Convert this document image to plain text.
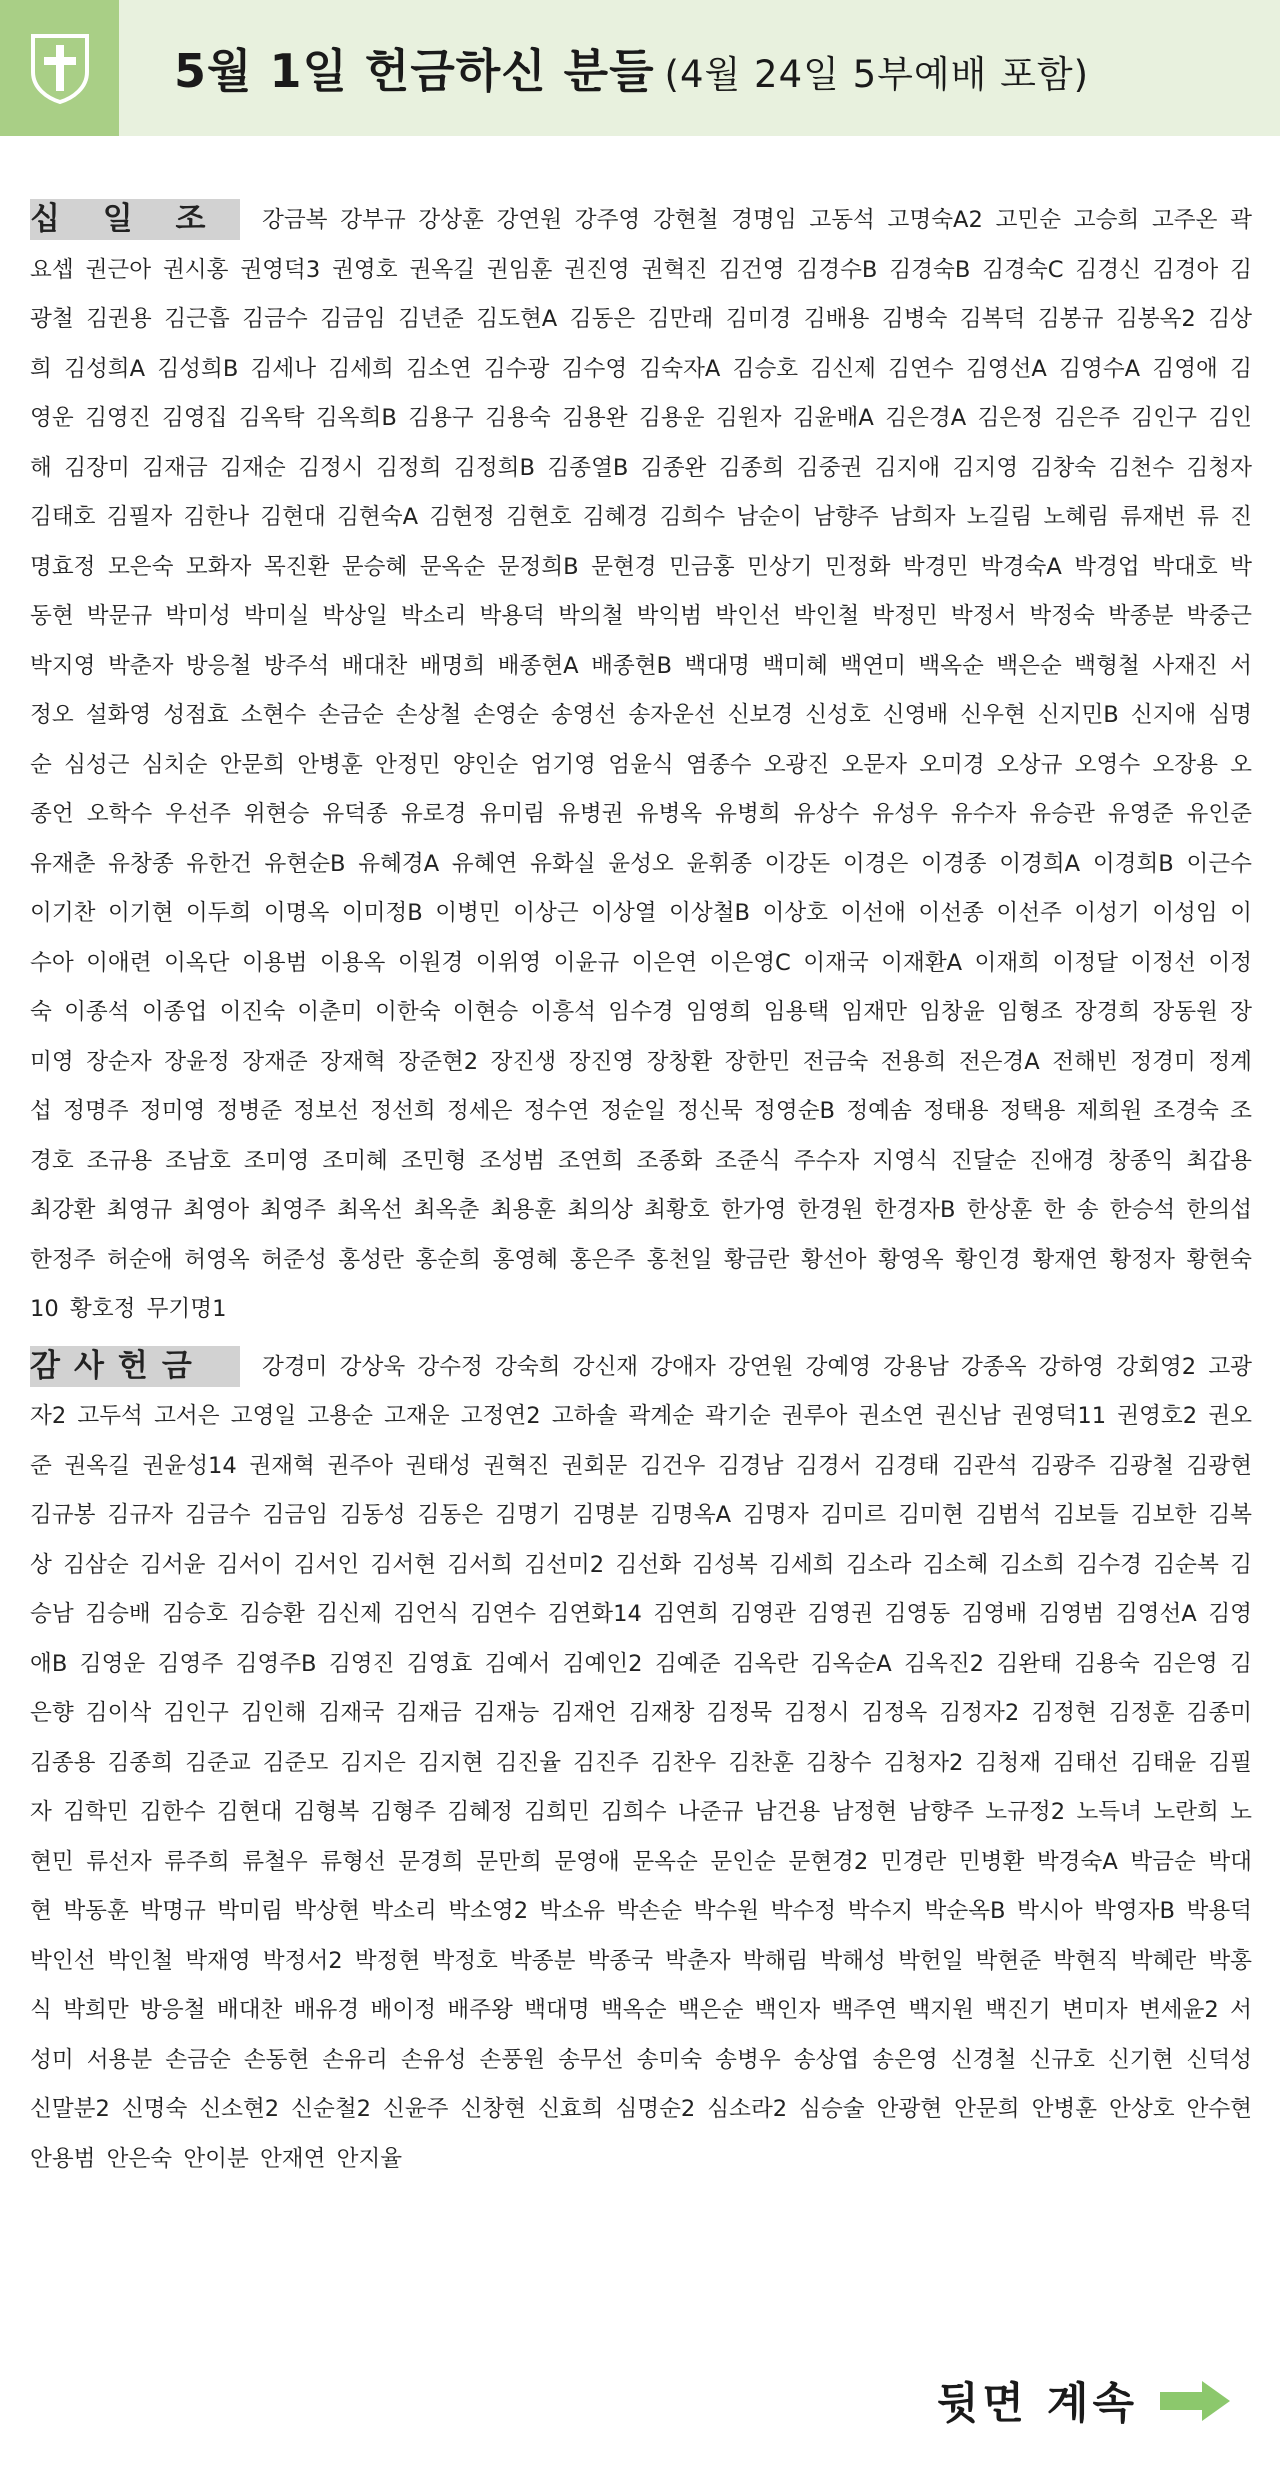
5월 1일 헌금하신 분들 (4월 24일 5부예배 포함)
십 일 조	강금복 강부규 강상훈 강연원 강주영 강현철 경명임 고동석 고명숙A2 고민순 고승희 고주온 곽요셉 권근아 권시홍 권영덕3 권영호 권옥길 권임훈 권진영 권혁진 김건영 김경수B 김경숙B 김경숙C 김경신 김경아 김광철 김권용 김근흡 김금수 김금임 김년준 김도현A 김동은 김만래 김미경 김배용 김병숙 김복덕 김봉규 김봉옥2 김상희 김성희A 김성희B 김세나 김세희 김소연 김수광 김수영 김숙자A 김승호 김신제 김연수 김영선A 김영수A 김영애 김영운 김영진 김영집 김옥탁 김옥희B 김용구 김용숙 김용완 김용운 김원자 김윤배A 김은경A 김은정 김은주 김인구 김인해 김장미 김재금 김재순 김정시 김정희 김정희B 김종열B 김종완 김종희 김중권 김지애 김지영 김창숙 김천수 김청자 김태호 김필자 김한나 김현대 김현숙A 김현정 김현호 김혜경 김희수 남순이 남향주 남희자 노길림 노혜림 류재번 류 진 명효정 모은숙 모화자 목진환 문승혜 문옥순 문정희B 문현경 민금홍 민상기 민정화 박경민 박경숙A 박경업 박대호 박동현 박문규 박미성 박미실 박상일 박소리 박용덕 박의철 박익범 박인선 박인철 박정민 박정서 박정숙 박종분 박중근 박지영 박춘자 방응철 방주석 배대찬 배명희 배종현A 배종현B 백대명 백미혜 백연미 백옥순 백은순 백형철 사재진 서정오 설화영 성점효 소현수 손금순 손상철 손영순 송영선 송자운선 신보경 신성호 신영배 신우현 신지민B 신지애 심명순 심성근 심치순 안문희 안병훈 안정민 양인순 엄기영 엄윤식 염종수 오광진 오문자 오미경 오상규 오영수 오장용 오종언 오학수 우선주 위현승 유덕종 유로경 유미림 유병권 유병옥 유병희 유상수 유성우 유수자 유승관 유영준 유인준 유재춘 유창종 유한건 유현순B 유혜경A 유혜연 유화실 윤성오 윤휘종 이강돈 이경은 이경종 이경희A 이경희B 이근수 이기찬 이기현 이두희 이명옥 이미정B 이병민 이상근 이상열 이상철B 이상호 이선애 이선종 이선주 이성기 이성임 이수아 이애련 이옥단 이용범 이용옥 이원경 이위영 이윤규 이은연 이은영C 이재국 이재환A 이재희 이정달 이정선 이정숙 이종석 이종업 이진숙 이춘미 이한숙 이현승 이흥석 임수경 임영희 임용택 임재만 임창윤 임형조 장경희 장동원 장미영 장순자 장윤정 장재준 장재혁 장준현2 장진생 장진영 장창환 장한민 전금숙 전용희 전은경A 전해빈 정경미 정계섭 정명주 정미영 정병준 정보선 정선희 정세은 정수연 정순일 정신묵 정영순B 정예솜 정태용 정택용 제희원 조경숙 조경호 조규용 조남호 조미영 조미혜 조민형 조성범 조연희 조종화 조준식 주수자 지영식 진달순 진애경 창종익 최갑용 최강환 최영규 최영아 최영주 최옥선 최옥춘 최용훈 최의상 최황호 한가영 한경원 한경자B 한상훈 한 송 한승석 한의섭 한정주 허순애 허영옥 허준성 홍성란 홍순희 홍영혜 홍은주 홍천일 황금란 황선아 황영옥 황인경 황재연 황정자 황현숙10 황호정 무기명1
감사헌금	강경미 강상욱 강수정 강숙희 강신재 강애자 강연원 강예영 강용남 강종옥 강하영 강회영2 고광자2 고두석 고서은 고영일 고용순 고재운 고정연2 고하솔 곽계순 곽기순 권루아 권소연 권신남 권영덕11 권영호2 권오준 권옥길 권윤성14 권재혁 권주아 권태성 권혁진 권회문 김건우 김경남 김경서 김경태 김관석 김광주 김광철 김광현 김규봉 김규자 김금수 김금임 김동성 김동은 김명기 김명분 김명옥A 김명자 김미르 김미현 김범석 김보들 김보한 김복상 김삼순 김서윤 김서이 김서인 김서현 김서희 김선미2 김선화 김성복 김세희 김소라 김소혜 김소희 김수경 김순복 김승남 김승배 김승호 김승환 김신제 김언식 김연수 김연화14 김연희 김영관 김영권 김영동 김영배 김영범 김영선A 김영애B 김영운 김영주 김영주B 김영진 김영효 김예서 김예인2 김예준 김옥란 김옥순A 김옥진2 김완태 김용숙 김은영 김은향 김이삭 김인구 김인해 김재국 김재금 김재능 김재언 김재창 김정묵 김정시 김정옥 김정자2 김정현 김정훈 김종미 김종용 김종희 김준교 김준모 김지은 김지현 김진율 김진주 김찬우 김찬훈 김창수 김청자2 김청재 김태선 김태윤 김필자 김학민 김한수 김현대 김형복 김형주 김혜정 김희민 김희수 나준규 남건용 남정현 남향주 노규정2 노득녀 노란희 노현민 류선자 류주희 류철우 류형선 문경희 문만희 문영애 문옥순 문인순 문현경2 민경란 민병환 박경숙A 박금순 박대현 박동훈 박명규 박미림 박상현 박소리 박소영2 박소유 박손순 박수원 박수정 박수지 박순옥B 박시아 박영자B 박용덕 박인선 박인철 박재영 박정서2 박정현 박정호 박종분 박종국 박춘자 박해림 박해성 박헌일 박현준 박현직 박혜란 박홍식 박희만 방응철 배대찬 배유경 배이정 배주왕 백대명 백옥순 백은순 백인자 백주연 백지원 백진기 변미자 변세윤2 서성미 서용분 손금순 손동현 손유리 손유성 손풍원 송무선 송미숙 송병우 송상엽 송은영 신경철 신규호 신기현 신덕성 신말분2 신명숙 신소현2 신순철2 신윤주 신창현 신효희 심명순2 심소라2 심승술 안광현 안문희 안병훈 안상호 안수현 안용범 안은숙 안이분 안재연 안지율
뒷면 계속
